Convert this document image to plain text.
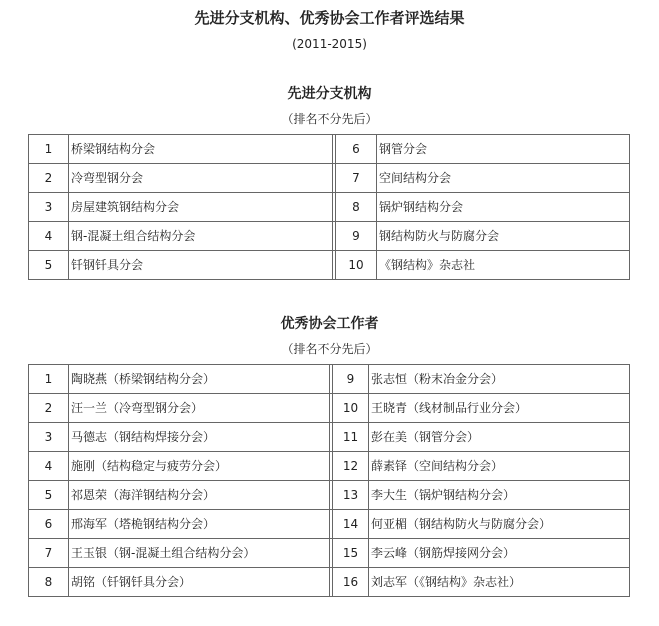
先进分支机构、优秀协会工作者评选结果
(2011-2015)
先进分支机构
（排名不分先后）
1	桥梁钢结构分会		6	钢管分会
2	冷弯型钢分会		7	空间结构分会
3	房屋建筑钢结构分会		8	锅炉钢结构分会
4	钢-混凝土组合结构分会		9	钢结构防火与防腐分会
5	钎钢钎具分会		10	《钢结构》杂志社
优秀协会工作者
（排名不分先后）
1	陶晓燕（桥梁钢结构分会）		9	张志恒（粉末冶金分会）
2	汪一兰（冷弯型钢分会）		10	王晓青（线材制品行业分会）
3	马德志（钢结构焊接分会）		11	彭在美（钢管分会）
4	施刚（结构稳定与疲劳分会）		12	薛素铎（空间结构分会）
5	祁恩荣（海洋钢结构分会）		13	李大生（锅炉钢结构分会）
6	邢海军（塔桅钢结构分会）		14	何亚楣（钢结构防火与防腐分会）
7	王玉银（钢-混凝土组合结构分会）		15	李云峰（钢筋焊接网分会）
8	胡铭（钎钢钎具分会）		16	刘志军（《钢结构》杂志社）
